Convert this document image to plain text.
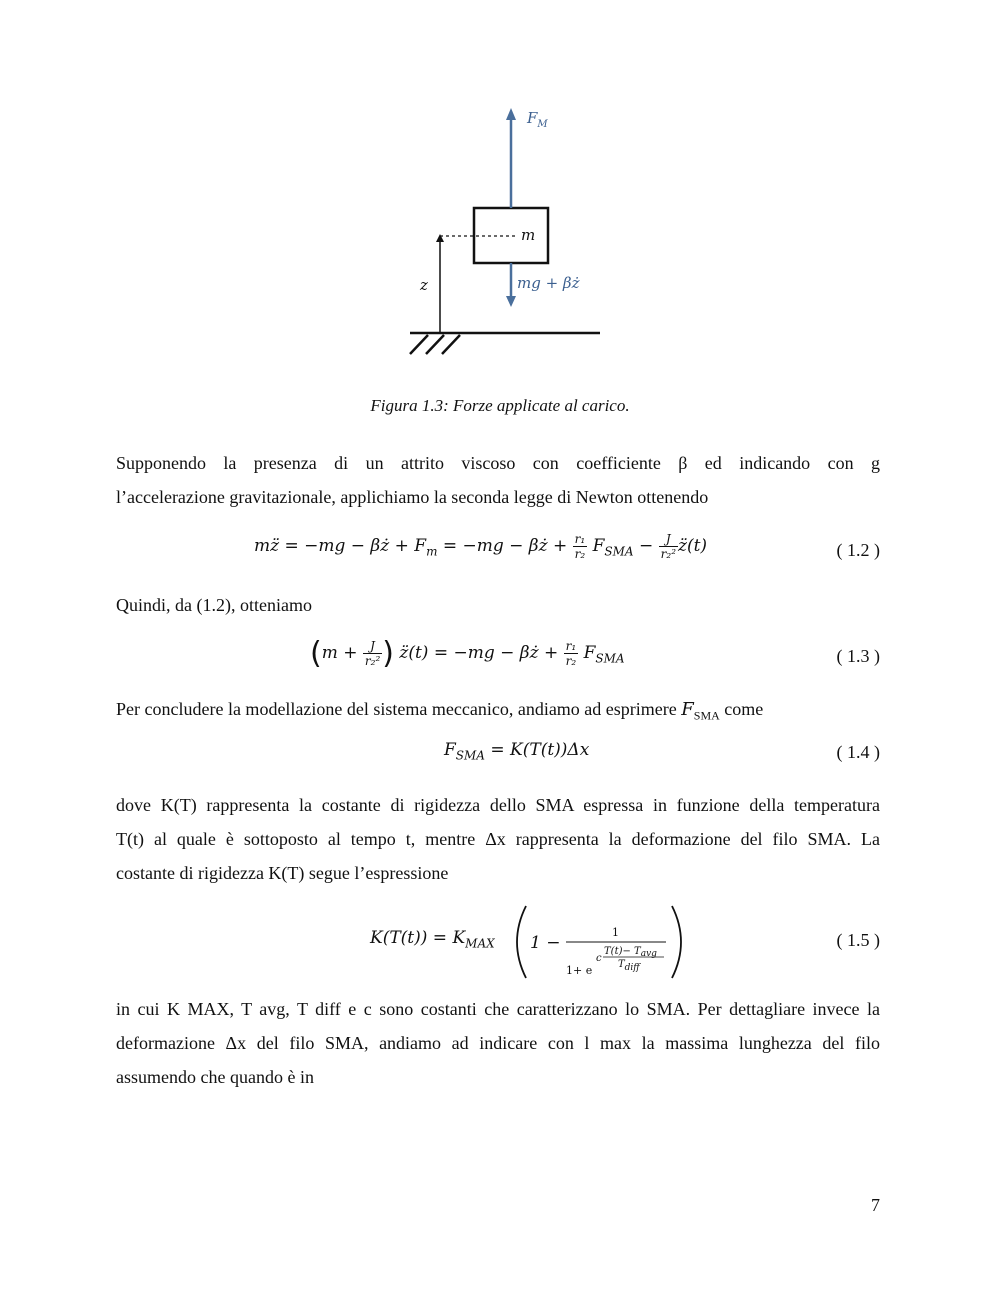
z
m
$F_M$
mg + βż
Figura 1.3: Forze applicate al carico.
Supponendo la presenza di un attrito viscoso con coefficiente β ed indicando con g
l’accelerazione gravitazionale, applichiamo la seconda legge di Newton ottenendo
mz̈ = −mg − βż + $F_m = -mg$ − βż + $\frac{\text{r₁}}{\text{r₂}} F_{SMA} - \frac{J}{\text{r₂²}}$ z̈(t)	( 1.2 )
Quindi, da (1.2), otteniamo
($m + \frac{J}{\text{r₂²}}$ ) z̈(t) = −mg − βż + $\frac{\text{r₁}}{\text{r₂}} F_{SMA}$	( 1.3 )
Per concludere la modellazione del sistema meccanico, andiamo ad esprimere $F_{SMA}$ come
$F_{SMA} = K(T(t))\Delta x$	( 1.4 )
dove K(T) rappresenta la costante di rigidezza dello SMA espressa in funzione della temperatura
T(t) al quale è sottoposto al tempo t, mentre Δx rappresenta la deformazione del filo SMA. La
costante di rigidezza K(T) segue l’espressione
$K(T(t)) = K_{MAX}$ 1 −
1
1+ e
c
T(t)− Tavg
Tdiff
( 1.5 )
in cui K MAX, T avg, T diff e c sono costanti che caratterizzano lo SMA. Per dettagliare invece la
deformazione Δx del filo SMA, andiamo ad indicare con l max la massima lunghezza del filo
assumendo che quando è in
7
